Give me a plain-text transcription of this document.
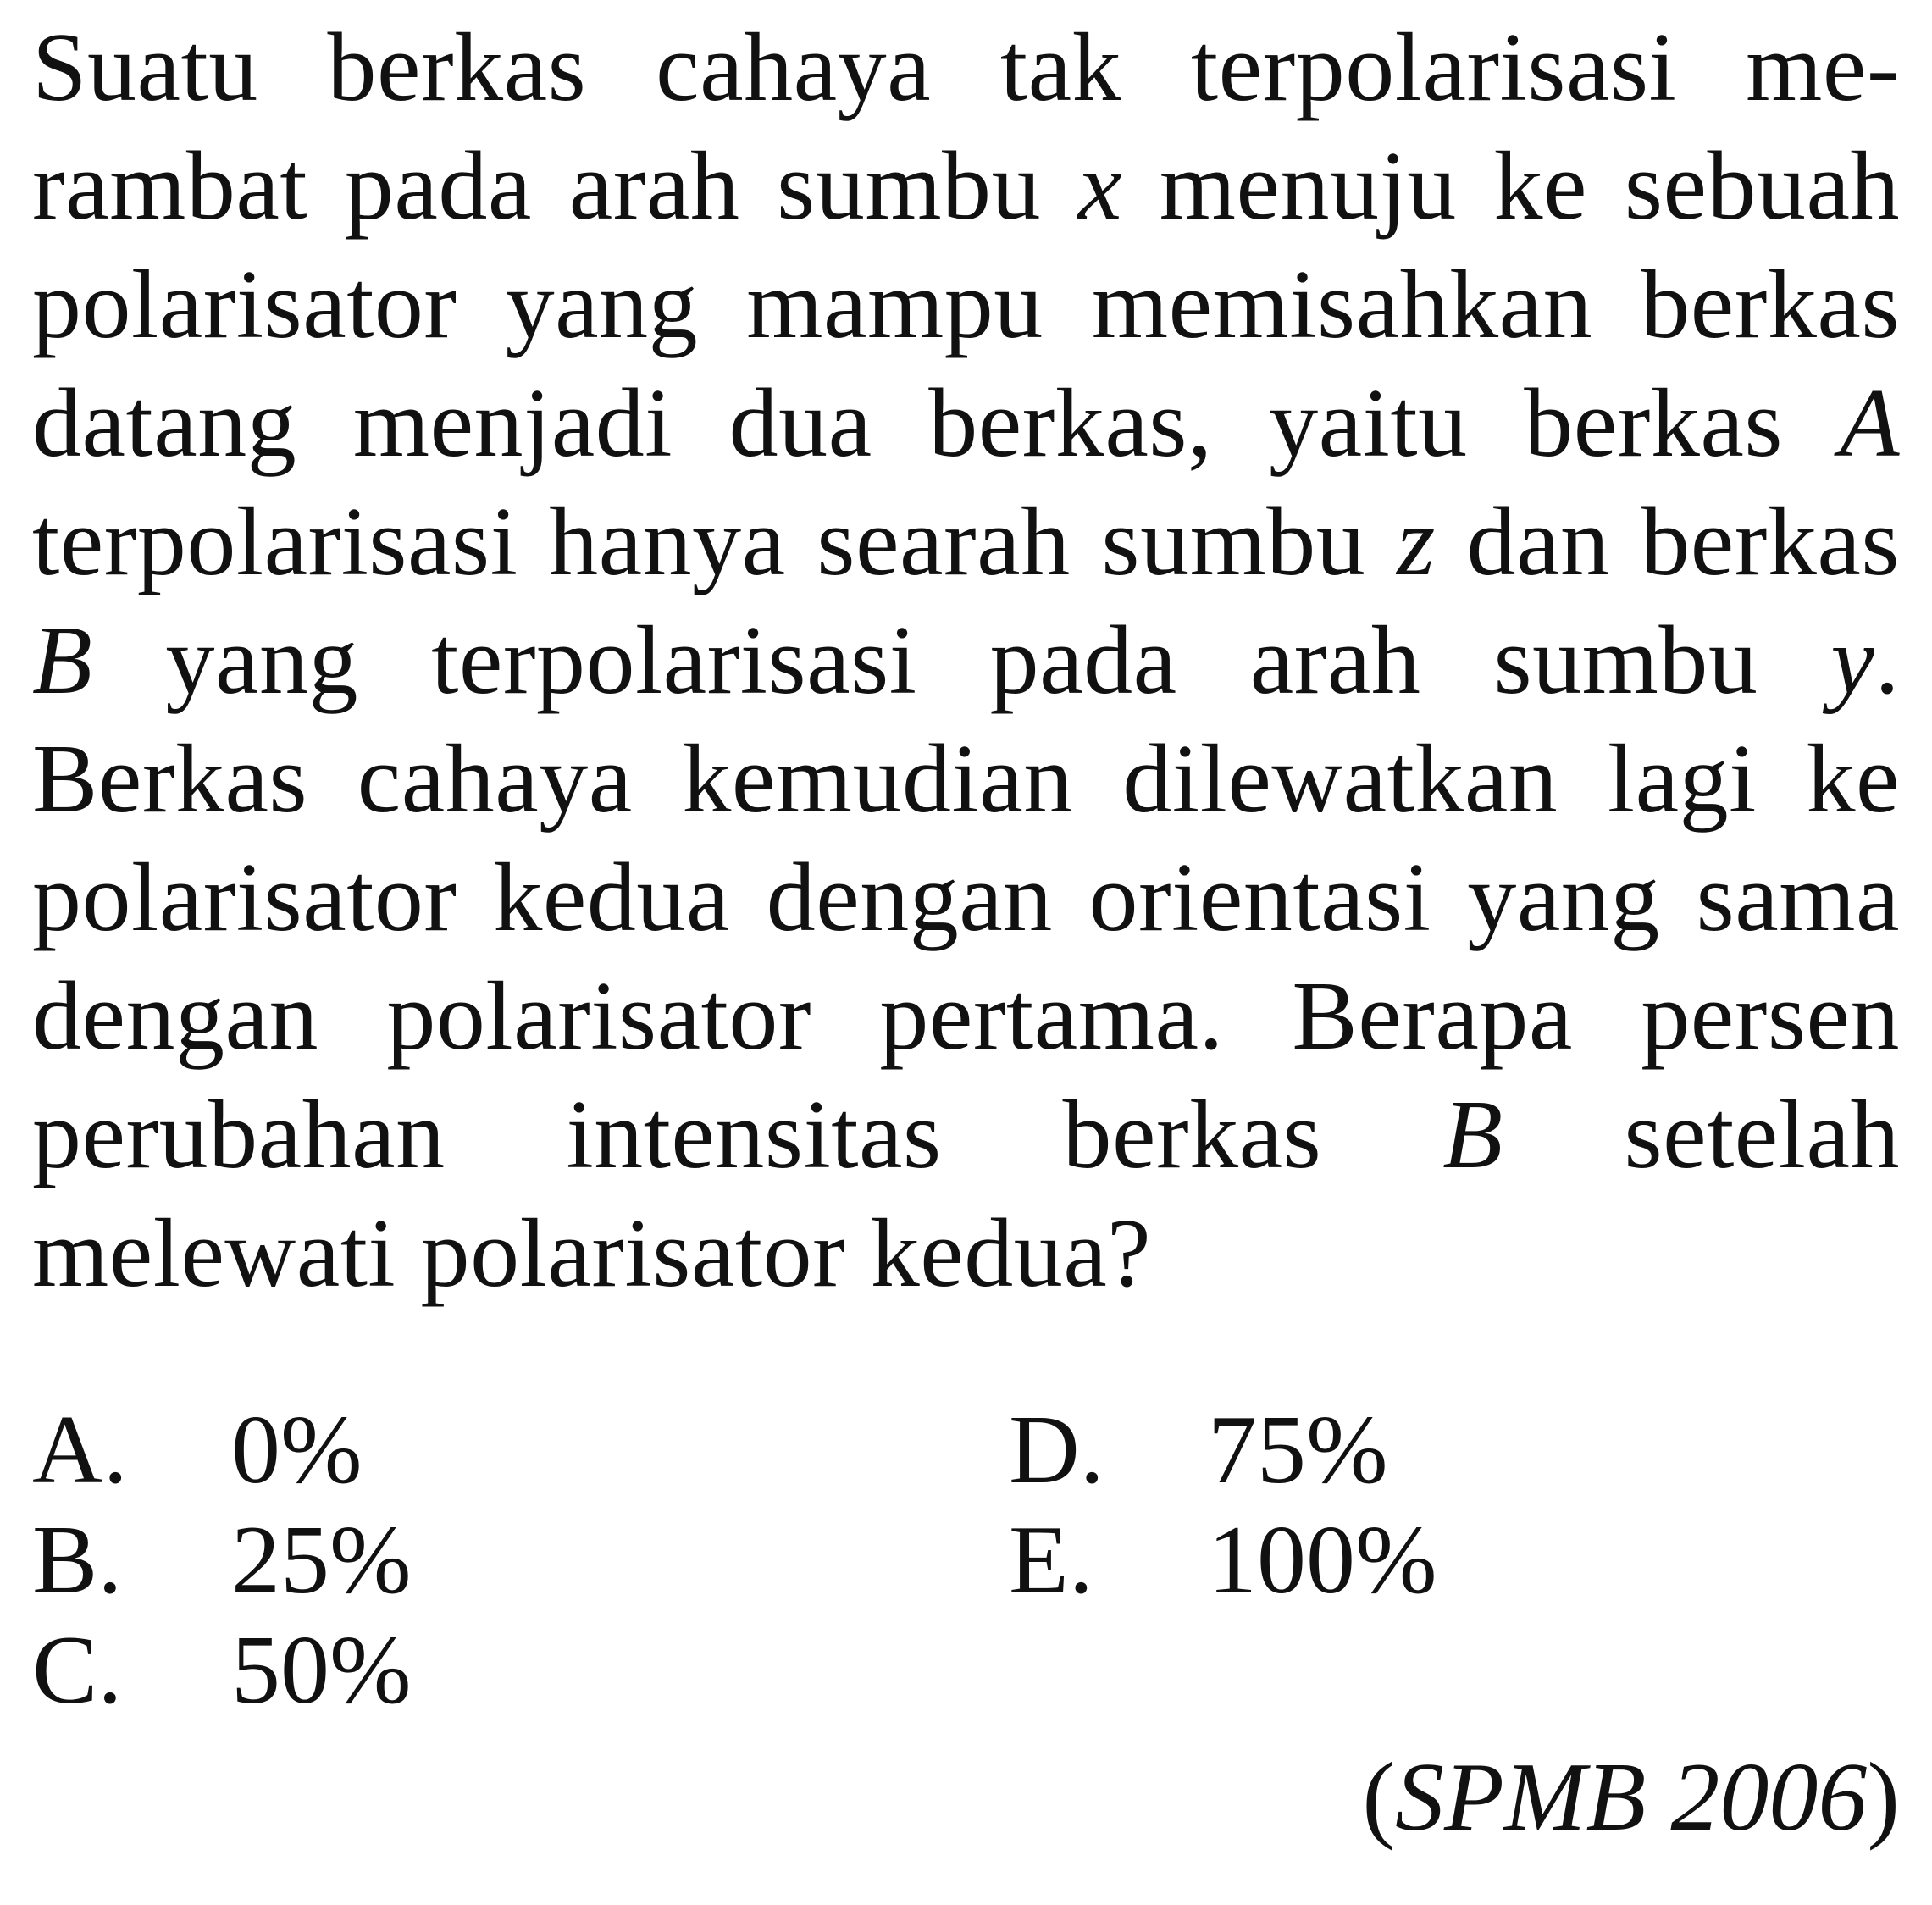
Suatu berkas cahaya tak terpolarisasi me-rambat pada arah sumbu x menuju ke sebuah polarisator yang mampu memisahkan berkas datang menjadi dua berkas, yaitu berkas A terpolarisasi hanya searah sumbu z dan berkas B yang terpolarisasi pada arah sumbu y. Berkas cahaya kemudian dilewatkan lagi ke polarisator kedua dengan orientasi yang sama dengan polarisator pertama. Berapa persen perubahan intensitas berkas B setelah melewati polarisator kedua?
A. 0%
B. 25%
C. 50%
D. 75%
E. 100%
(SPMB 2006)
